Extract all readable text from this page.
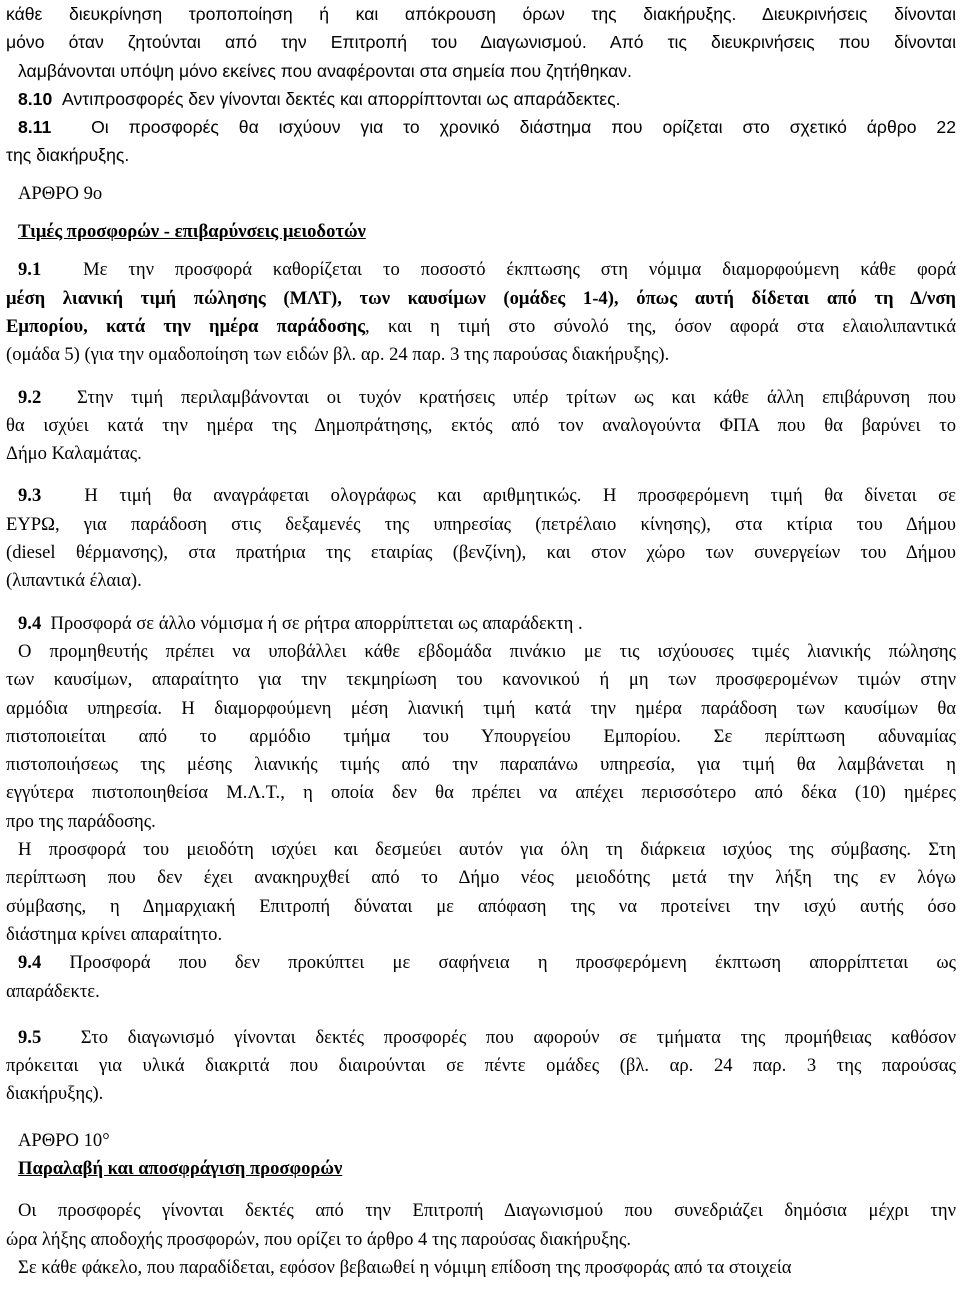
κάθε διευκρίνηση τροποποίηση ή και απόκρουση όρων της διακήρυξης. Διευκρινήσεις δίνονται
μόνο όταν ζητούνται από την Επιτροπή του Διαγωνισμού. Από τις διευκρινήσεις που δίνονται
λαμβάνονται υπόψη μόνο εκείνες που αναφέρονται στα σημεία που ζητήθηκαν.
8.10 Αντιπροσφορές δεν γίνονται δεκτές και απορρίπτονται ως απαράδεκτες.
8.11 Οι προσφορές θα ισχύουν για το χρονικό διάστημα που ορίζεται στο σχετικό άρθρο 22
της διακήρυξης.
ΑΡΘΡΟ 9ο
Τιμές προσφορών - επιβαρύνσεις μειοδοτών
9.1 Με την προσφορά καθορίζεται το ποσοστό έκπτωσης στη νόμιμα διαμορφούμενη κάθε φορά
μέση λιανική τιμή πώλησης (ΜΛΤ), των καυσίμων (ομάδες 1-4), όπως αυτή δίδεται από τη Δ/νση
Εμπορίου, κατά την ημέρα παράδοσης, και η τιμή στο σύνολό της, όσον αφορά στα ελαιολιπαντικά
(ομάδα 5) (για την ομαδοποίηση των ειδών βλ. αρ. 24 παρ. 3 της παρούσας διακήρυξης).
9.2 Στην τιμή περιλαμβάνονται οι τυχόν κρατήσεις υπέρ τρίτων ως και κάθε άλλη επιβάρυνση που
θα ισχύει κατά την ημέρα της Δημοπράτησης, εκτός από τον αναλογούντα ΦΠΑ που θα βαρύνει το
Δήμο Καλαμάτας.
9.3 Η τιμή θα αναγράφεται ολογράφως και αριθμητικώς. Η προσφερόμενη τιμή θα δίνεται σε
ΕΥΡΩ, για παράδοση στις δεξαμενές της υπηρεσίας (πετρέλαιο κίνησης), στα κτίρια του Δήμου
(diesel θέρμανσης), στα πρατήρια της εταιρίας (βενζίνη), και στον χώρο των συνεργείων του Δήμου
(λιπαντικά έλαια).
9.4 Προσφορά σε άλλο νόμισμα ή σε ρήτρα απορρίπτεται ως απαράδεκτη .
Ο προμηθευτής πρέπει να υποβάλλει κάθε εβδομάδα πινάκιο με τις ισχύουσες τιμές λιανικής πώλησης
των καυσίμων, απαραίτητο για την τεκμηρίωση του κανονικού ή μη των προσφερομένων τιμών στην
αρμόδια υπηρεσία. Η διαμορφούμενη μέση λιανική τιμή κατά την ημέρα παράδοση των καυσίμων θα
πιστοποιείται από το αρμόδιο τμήμα του Υπουργείου Εμπορίου. Σε περίπτωση αδυναμίας
πιστοποιήσεως της μέσης λιανικής τιμής από την παραπάνω υπηρεσία, για τιμή θα λαμβάνεται η
εγγύτερα πιστοποιηθείσα Μ.Λ.Τ., η οποία δεν θα πρέπει να απέχει περισσότερο από δέκα (10) ημέρες
προ της παράδοσης.
Η προσφορά του μειοδότη ισχύει και δεσμεύει αυτόν για όλη τη διάρκεια ισχύος της σύμβασης. Στη
περίπτωση που δεν έχει ανακηρυχθεί από το Δήμο νέος μειοδότης μετά την λήξη της εν λόγω
σύμβασης, η Δημαρχιακή Επιτροπή δύναται με απόφαση της να προτείνει την ισχύ αυτής όσο
διάστημα κρίνει απαραίτητο.
9.4 Προσφορά που δεν προκύπτει με σαφήνεια η προσφερόμενη έκπτωση απορρίπτεται ως
απαράδεκτε.
9.5 Στο διαγωνισμό γίνονται δεκτές προσφορές που αφορούν σε τμήματα της προμήθειας καθόσον
πρόκειται για υλικά διακριτά που διαιρούνται σε πέντε ομάδες (βλ. αρ. 24 παρ. 3 της παρούσας
διακήρυξης).
ΑΡΘΡΟ 10°
Παραλαβή και αποσφράγιση προσφορών
Οι προσφορές γίνονται δεκτές από την Επιτροπή Διαγωνισμού που συνεδριάζει δημόσια μέχρι την
ώρα λήξης αποδοχής προσφορών, που ορίζει το άρθρο 4 της παρούσας διακήρυξης.
Σε κάθε φάκελο, που παραδίδεται, εφόσον βεβαιωθεί η νόμιμη επίδοση της προσφοράς από τα στοιχεία
